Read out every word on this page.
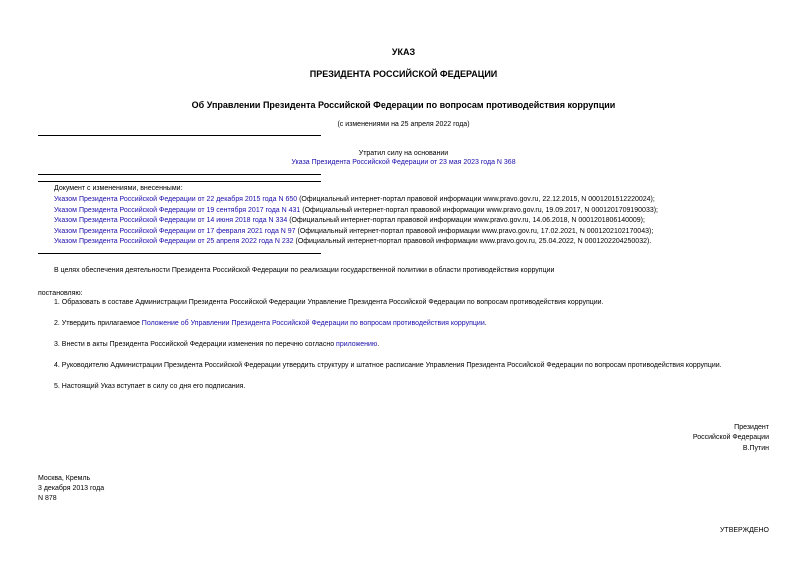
УКАЗ
ПРЕЗИДЕНТА РОССИЙСКОЙ ФЕДЕРАЦИИ
Об Управлении Президента Российской Федерации по вопросам противодействия коррупции
(с изменениями на 25 апреля 2022 года)
Утратил силу на основании
Указа Президента Российской Федерации от 23 мая 2023 года N 368
Документ с изменениями, внесенными:
Указом Президента Российской Федерации от 22 декабря 2015 года N 650 (Официальный интернет-портал правовой информации www.pravo.gov.ru, 22.12.2015, N 0001201512220024);
Указом Президента Российской Федерации от 19 сентября 2017 года N 431 (Официальный интернет-портал правовой информации www.pravo.gov.ru, 19.09.2017, N 0001201709190033);
Указом Президента Российской Федерации от 14 июня 2018 года N 334 (Официальный интернет-портал правовой информации www.pravo.gov.ru, 14.06.2018, N 0001201806140009);
Указом Президента Российской Федерации от 17 февраля 2021 года N 97 (Официальный интернет-портал правовой информации www.pravo.gov.ru, 17.02.2021, N 0001202102170043);
Указом Президента Российской Федерации от 25 апреля 2022 года N 232 (Официальный интернет-портал правовой информации www.pravo.gov.ru, 25.04.2022, N 0001202204250032).
В целях обеспечения деятельности Президента Российской Федерации по реализации государственной политики в области противодействия коррупции
постановляю:
1. Образовать в составе Администрации Президента Российской Федерации Управление Президента Российской Федерации по вопросам противодействия коррупции.
2. Утвердить прилагаемое Положение об Управлении Президента Российской Федерации по вопросам противодействия коррупции.
3. Внести в акты Президента Российской Федерации изменения по перечню согласно приложению.
4. Руководителю Администрации Президента Российской Федерации утвердить структуру и штатное расписание Управления Президента Российской Федерации по вопросам противодействия коррупции.
5. Настоящий Указ вступает в силу со дня его подписания.
Президент
Российской Федерации
В.Путин
Москва, Кремль
3 декабря 2013 года
N 878
УТВЕРЖДЕНО
